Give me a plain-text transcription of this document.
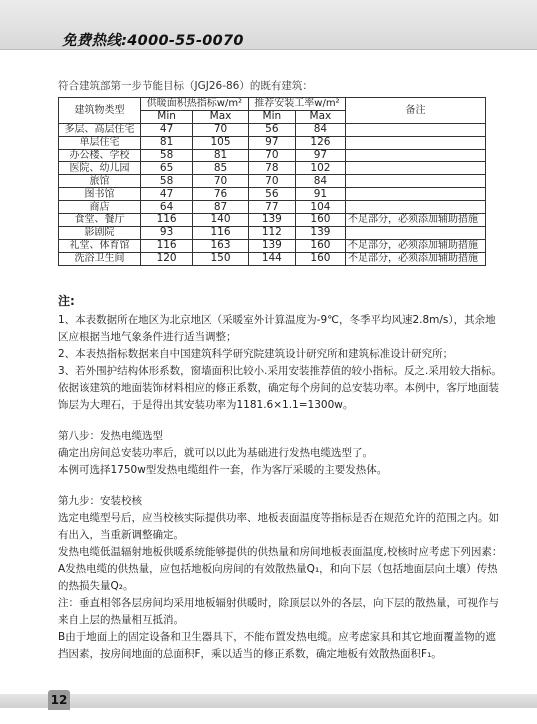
免费热线:4000-55-0070
符合建筑部第一步节能目标（JGJ26-86）的既有建筑：
建筑物类型	供暖面积热指标w/m²		推荐安装工率w/m²		备注
	Min	Max	Min	Max	
多层、高层住宅	47	70	56	84	
单层住宅	81	105	97	126	
办公楼、学校	58	81	70	97	
医院、幼儿园	65	85	78	102	
旅馆	58	70	70	84	
图书馆	47	76	56	91	
商店	64	87	77	104	
食堂、餐厅	116	140	139	160	不足部分，必须添加辅助措施
影剧院	93	116	112	139	
礼堂、体育馆	116	163	139	160	不足部分，必须添加辅助措施
洗浴卫生间	120	150	144	160	不足部分，必须添加辅助措施

注:

1、本表数据所在地区为北京地区（采暖室外计算温度为-9℃，冬季平均风速2.8m/s），其余地区应根据当地气象条件进行适当调整；

2、本表热指标数据来自中国建筑科学研究院建筑设计研究所和建筑标准设计研究所；

3、若外围护结构体形系数，窗墙面积比较小.采用安装推荐值的较小指标。反之.采用较大指标。依据该建筑的地面装饰材料相应的修正系数，确定每个房间的总安装功率。本例中，客厅地面装饰层为大理石，于是得出其安装功率为1181.6×1.1=1300w。

第八步：发热电缆选型

确定出房间总安装功率后，就可以以此为基础进行发热电缆选型了。

本例可选择1750w型发热电缆组件一套，作为客厅采暖的主要发热体。

第九步：安装校核

选定电缆型号后，应当校核实际提供功率、地板表面温度等指标是否在规范允许的范围之内。如有出入，当重新调整确定。

发热电缆低温辐射地板供暖系统能够提供的供热量和房间地板表面温度,校核时应考虑下列因素：

A发热电缆的供热量，应包括地板向房间的有效散热量Q₁，和向下层（包括地面层向土壤）传热的热损失量Q₂。

注：垂直相邻各层房间均采用地板辐射供暖时，除顶层以外的各层，向下层的散热量，可视作与来自上层的热量相互抵消。

B由于地面上的固定设备和卫生器具下，不能布置发热电缆。应考虑家具和其它地面覆盖物的遮挡因素，按房间地面的总面积F，乘以适当的修正系数，确定地板有效散热面积F₁。

12
